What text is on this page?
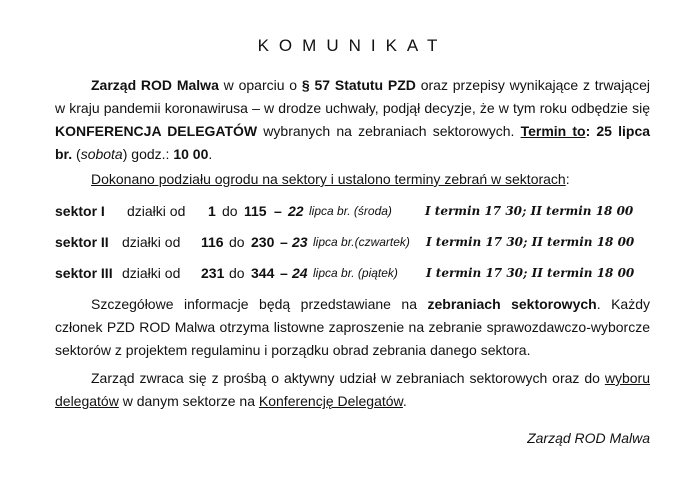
KOMUNIKAT
Zarząd ROD Malwa w oparciu o § 57 Statutu PZD oraz przepisy wynikające z trwającej w kraju pandemii koronawirusa – w drodze uchwały, podjął decyzje, że w tym roku odbędzie się KONFERENCJA DELEGATÓW wybranych na zebraniach sektorowych. Termin to: 25 lipca br. (sobota) godz.: 10 00.
Dokonano podziału ogrodu na sektory i ustalono terminy zebrań w sektorach:
sektor I działki od 1 do 115 – 22 lipca br. (środa)	I termin 17 30; II termin 18 00
sektor II działki od 116 do 230 – 23 lipca br.(czwartek) I termin 17 30; II termin 18 00
sektor III działki od 231 do 344 – 24 lipca br. (piątek) I termin 17 30; II termin 18 00
Szczegółowe informacje będą przedstawiane na zebraniach sektorowych. Każdy członek PZD ROD Malwa otrzyma listowne zaproszenie na zebranie sprawozdawczo-wyborcze sektorów z projektem regulaminu i porządku obrad zebrania danego sektora.
Zarząd zwraca się z prośbą o aktywny udział w zebraniach sektorowych oraz do wyboru delegatów w danym sektorze na Konferencję Delegatów.
Zarząd ROD Malwa
